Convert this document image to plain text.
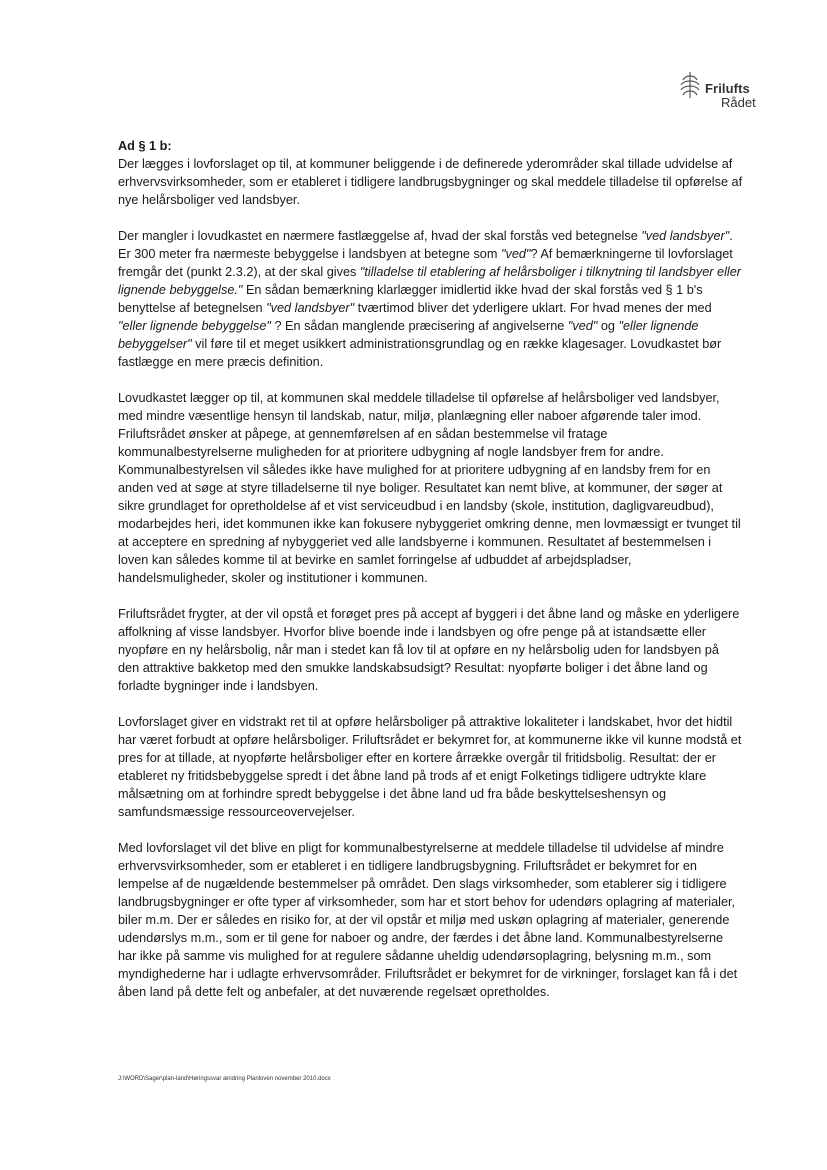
Frilufts
Rådet

Ad § 1 b:

Der lægges i lovforslaget op til, at kommuner beliggende i de definerede yderområder skal tillade udvidelse af erhvervsvirksomheder, som er etableret i tidligere landbrugsbygninger og skal meddele tilladelse til opførelse af nye helårsboliger ved landsbyer.

Der mangler i lovudkastet en nærmere fastlæggelse af, hvad der skal forstås ved betegnelse "ved landsbyer". Er 300 meter fra nærmeste bebyggelse i landsbyen at betegne som "ved"? Af bemærkningerne til lovforslaget fremgår det (punkt 2.3.2), at der skal gives "tilladelse til etablering af helårsboliger i tilknytning til landsbyer eller lignende bebyggelse." En sådan bemærkning klarlægger imidlertid ikke hvad der skal forstås ved § 1 b's benyttelse af betegnelsen "ved landsbyer" tværtimod bliver det yderligere uklart. For hvad menes der med "eller lignende bebyggelse" ? En sådan manglende præcisering af angivelserne "ved" og "eller lignende bebyggelser" vil føre til et meget usikkert administrationsgrundlag og en række klagesager. Lovudkastet bør fastlægge en mere præcis definition.

Lovudkastet lægger op til, at kommunen skal meddele tilladelse til opførelse af helårsboliger ved landsbyer, med mindre væsentlige hensyn til landskab, natur, miljø, planlægning eller naboer afgørende taler imod. Friluftsrådet ønsker at påpege, at gennemførelsen af en sådan bestemmelse vil fratage kommunalbestyrelserne muligheden for at prioritere udbygning af nogle landsbyer frem for andre. Kommunalbestyrelsen vil således ikke have mulighed for at prioritere udbygning af en landsby frem for en anden ved at søge at styre tilladelserne til nye boliger. Resultatet kan nemt blive, at kommuner, der søger at sikre grundlaget for opretholdelse af et vist serviceudbud i en landsby (skole, institution, dagligvareudbud), modarbejdes heri, idet kommunen ikke kan fokusere nybyggeriet omkring denne, men lovmæssigt er tvunget til at acceptere en spredning af nybyggeriet ved alle landsbyerne i kommunen. Resultatet af bestemmelsen i loven kan således komme til at bevirke en samlet forringelse af udbuddet af arbejdspladser, handelsmuligheder, skoler og institutioner i kommunen.

Friluftsrådet frygter, at der vil opstå et forøget pres på accept af byggeri i det åbne land og måske en yderligere affolkning af visse landsbyer. Hvorfor blive boende inde i landsbyen og ofre penge på at istandsætte eller nyopføre en ny helårsbolig, når man i stedet kan få lov til at opføre en ny helårsbolig uden for landsbyen på den attraktive bakketop med den smukke landskabsudsigt? Resultat: nyopførte boliger i det åbne land og forladte bygninger inde i landsbyen.

Lovforslaget giver en vidstrakt ret til at opføre helårsboliger på attraktive lokaliteter i landskabet, hvor det hidtil har været forbudt at opføre helårsboliger. Friluftsrådet er bekymret for, at kommunerne ikke vil kunne modstå et pres for at tillade, at nyopførte helårsboliger efter en kortere årrække overgår til fritidsbolig. Resultat: der er etableret ny fritidsbebyggelse spredt i det åbne land på trods af et enigt Folketings tidligere udtrykte klare målsætning om at forhindre spredt bebyggelse i det åbne land ud fra både beskyttelseshensyn og samfundsmæssige ressourceovervejelser.

Med lovforslaget vil det blive en pligt for kommunalbestyrelserne at meddele tilladelse til udvidelse af mindre erhvervsvirksomheder, som er etableret i en tidligere landbrugsbygning. Friluftsrådet er bekymret for en lempelse af de nugældende bestemmelser på området. Den slags virksomheder, som etablerer sig i tidligere landbrugsbygninger er ofte typer af virksomheder, som har et stort behov for udendørs oplagring af materialer, biler m.m. Der er således en risiko for, at der vil opstår et miljø med uskøn oplagring af materialer, generende udendørslys m.m., som er til gene for naboer og andre, der færdes i det åbne land. Kommunalbestyrelserne har ikke på samme vis mulighed for at regulere sådanne uheldig udendørsoplagring, belysning m.m., som myndighederne har i udlagte erhvervsområder. Friluftsrådet er bekymret for de virkninger, forslaget kan få i det åben land på dette felt og anbefaler, at det nuværende regelsæt opretholdes.

J:\WORD\Sager\plan-land\Høringssvar ændring Planloven november 2010.docx
